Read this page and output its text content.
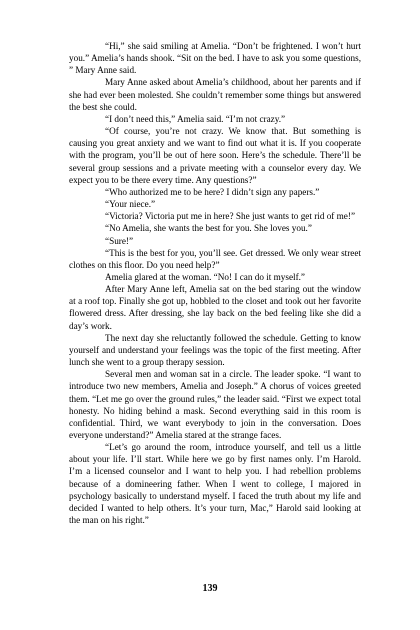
“Hi,” she said smiling at Amelia. “Don’t be frightened. I won’t hurt you.” Amelia’s hands shook. “Sit on the bed. I have to ask you some questions, ” Mary Anne said.

Mary Anne asked about Amelia’s childhood, about her parents and if she had ever been molested. She couldn’t remember some things but answered the best she could.

“I don’t need this,” Amelia said. “I’m not crazy.”

“Of course, you’re not crazy. We know that. But something is causing you great anxiety and we want to find out what it is. If you cooperate with the program, you’ll be out of here soon. Here’s the schedule. There’ll be several group sessions and a private meeting with a counselor every day. We expect you to be there every time. Any questions?”

“Who authorized me to be here? I didn’t sign any papers.”

“Your niece.”

“Victoria? Victoria put me in here? She just wants to get rid of me!”

“No Amelia, she wants the best for you. She loves you.”

“Sure!”

“This is the best for you, you’ll see. Get dressed. We only wear street clothes on this floor. Do you need help?”

Amelia glared at the woman. “No! I can do it myself.”

After Mary Anne left, Amelia sat on the bed staring out the window at a roof top. Finally she got up, hobbled to the closet and took out her favorite flowered dress. After dressing, she lay back on the bed feeling like she did a day’s work.

The next day she reluctantly followed the schedule. Getting to know yourself and understand your feelings was the topic of the first meeting. After lunch she went to a group therapy session.

Several men and woman sat in a circle. The leader spoke. “I want to introduce two new members, Amelia and Joseph.” A chorus of voices greeted them. “Let me go over the ground rules,” the leader said. “First we expect total honesty. No hiding behind a mask. Second everything said in this room is confidential. Third, we want everybody to join in the conversation. Does everyone understand?” Amelia stared at the strange faces.

“Let’s go around the room, introduce yourself, and tell us a little about your life. I’ll start. While here we go by first names only. I’m Harold. I’m a licensed counselor and I want to help you. I had rebellion problems because of a domineering father. When I went to college, I majored in psychology basically to understand myself. I faced the truth about my life and decided I wanted to help others. It’s your turn, Mac,” Harold said looking at the man on his right.”

139
